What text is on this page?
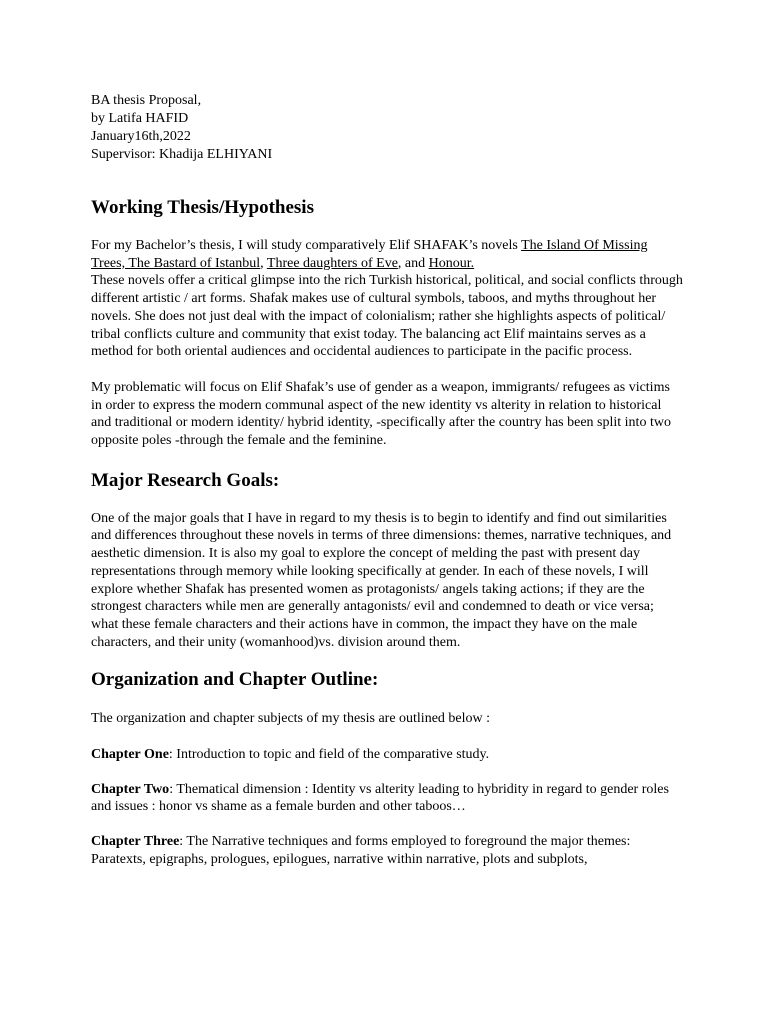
BA thesis Proposal,
by Latifa HAFID
January16th,2022
Supervisor: Khadija ELHIYANI
Working Thesis/Hypothesis

For my Bachelor’s thesis, I will study comparatively Elif SHAFAK’s novels The Island Of Missing Trees, The Bastard of Istanbul, Three daughters of Eve, and Honour.
These novels offer a critical glimpse into the rich Turkish historical, political, and social conflicts through different artistic / art forms. Shafak makes use of cultural symbols, taboos, and myths throughout her novels. She does not just deal with the impact of colonialism; rather she highlights aspects of political/ tribal conflicts culture and community that exist today. The balancing act Elif maintains serves as a method for both oriental audiences and occidental audiences to participate in the pacific process.

My problematic will focus on Elif Shafak’s use of gender as a weapon, immigrants/ refugees as victims in order to express the modern communal aspect of the new identity vs alterity in relation to historical and traditional or modern identity/ hybrid identity, -specifically after the country has been split into two opposite poles -through the female and the feminine.

Major Research Goals:

One of the major goals that I have in regard to my thesis is to begin to identify and find out similarities and differences throughout these novels in terms of three dimensions: themes, narrative techniques, and aesthetic dimension. It is also my goal to explore the concept of melding the past with present day representations through memory while looking specifically at gender. In each of these novels, I will explore whether Shafak has presented women as protagonists/ angels taking actions; if they are the strongest characters while men are generally antagonists/ evil and condemned to death or vice versa; what these female characters and their actions have in common, the impact they have on the male characters, and their unity (womanhood)vs. division around them.

Organization and Chapter Outline:

The organization and chapter subjects of my thesis are outlined below :

Chapter One: Introduction to topic and field of the comparative study.

Chapter Two: Thematical dimension : Identity vs alterity leading to hybridity in regard to gender roles and issues : honor vs shame as a female burden and other taboos…

Chapter Three: The Narrative techniques and forms employed to foreground the major themes: Paratexts, epigraphs, prologues, epilogues, narrative within narrative, plots and subplots,
